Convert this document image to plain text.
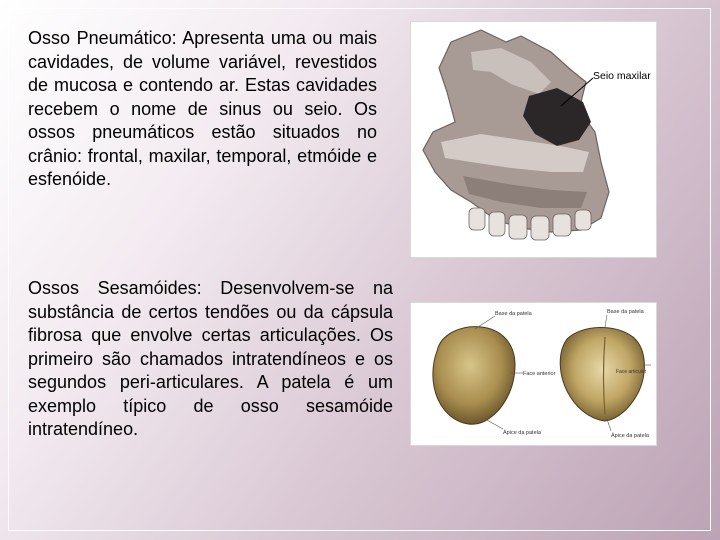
Osso Pneumático: Apresenta uma ou mais cavidades, de volume variável, revestidos de mucosa e contendo ar. Estas cavidades recebem o nome de sinus ou seio. Os ossos pneumáticos estão situados no crânio: frontal, maxilar, temporal, etmóide e esfenóide.

Seio maxilar

Ossos Sesamóides: Desenvolvem-se na substância de certos tendões ou da cápsula fibrosa que envolve certas articulações. Os primeiro são chamados intratendíneos e os segundos peri-articulares. A patela é um exemplo típico de osso sesamóide intratendíneo.

Base da patela
Face anterior
Ápice da patela
Base da patela
Ápice da patela
Face articular
